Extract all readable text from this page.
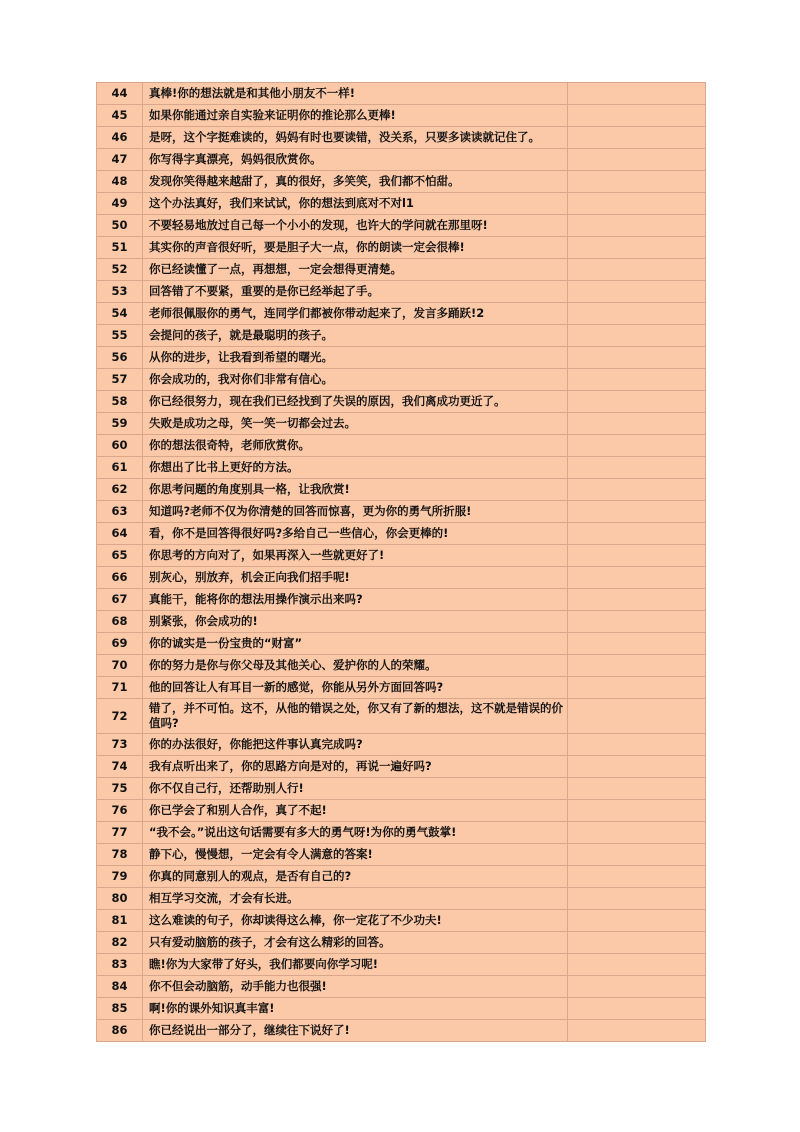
44	真棒!你的想法就是和其他小朋友不一样!	
45	如果你能通过亲自实验来证明你的推论那么更棒!	
46	是呀，这个字挺难读的，妈妈有时也要读错，没关系，只要多读读就记住了。	
47	你写得字真漂亮，妈妈很欣赏你。	
48	发现你笑得越来越甜了，真的很好，多笑笑，我们都不怕甜。	
49	这个办法真好，我们来试试，你的想法到底对不对l1	
50	不要轻易地放过自己每一个小小的发现，也许大的学问就在那里呀!	
51	其实你的声音很好听，要是胆子大一点，你的朗读一定会很棒!	
52	你已经读懂了一点，再想想，一定会想得更清楚。	
53	回答错了不要紧，重要的是你已经举起了手。	
54	老师很佩服你的勇气，连同学们都被你带动起来了，发言多踊跃!2	
55	会提问的孩子，就是最聪明的孩子。	
56	从你的进步，让我看到希望的曙光。	
57	你会成功的，我对你们非常有信心。	
58	你已经很努力，现在我们已经找到了失误的原因，我们离成功更近了。	
59	失败是成功之母，笑一笑一切都会过去。	
60	你的想法很奇特，老师欣赏你。	
61	你想出了比书上更好的方法。	
62	你思考问题的角度别具一格，让我欣赏!	
63	知道吗?老师不仅为你清楚的回答而惊喜，更为你的勇气所折服!	
64	看，你不是回答得很好吗?多给自己一些信心，你会更棒的!	
65	你思考的方向对了，如果再深入一些就更好了!	
66	别灰心，别放弃，机会正向我们招手呢!	
67	真能干，能将你的想法用操作演示出来吗?	
68	别紧张，你会成功的!	
69	你的诚实是一份宝贵的“财富”	
70	你的努力是你与你父母及其他关心、爱护你的人的荣耀。	
71	他的回答让人有耳目一新的感觉，你能从另外方面回答吗?	
72	错了，并不可怕。这不，从他的错误之处，你又有了新的想法，这不就是错误的价值吗?	
73	你的办法很好，你能把这件事认真完成吗?	
74	我有点听出来了，你的思路方向是对的，再说一遍好吗?	
75	你不仅自己行，还帮助别人行!	
76	你已学会了和别人合作，真了不起!	
77	“我不会。”说出这句话需要有多大的勇气呀!为你的勇气鼓掌!	
78	静下心，慢慢想，一定会有令人满意的答案!	
79	你真的同意别人的观点，是否有自己的?	
80	相互学习交流，才会有长进。	
81	这么难读的句子，你却读得这么棒，你一定花了不少功夫!	
82	只有爱动脑筋的孩子，才会有这么精彩的回答。	
83	瞧!你为大家带了好头，我们都要向你学习呢!	
84	你不但会动脑筋，动手能力也很强!	
85	啊!你的课外知识真丰富!	
86	你已经说出一部分了，继续往下说好了!	
